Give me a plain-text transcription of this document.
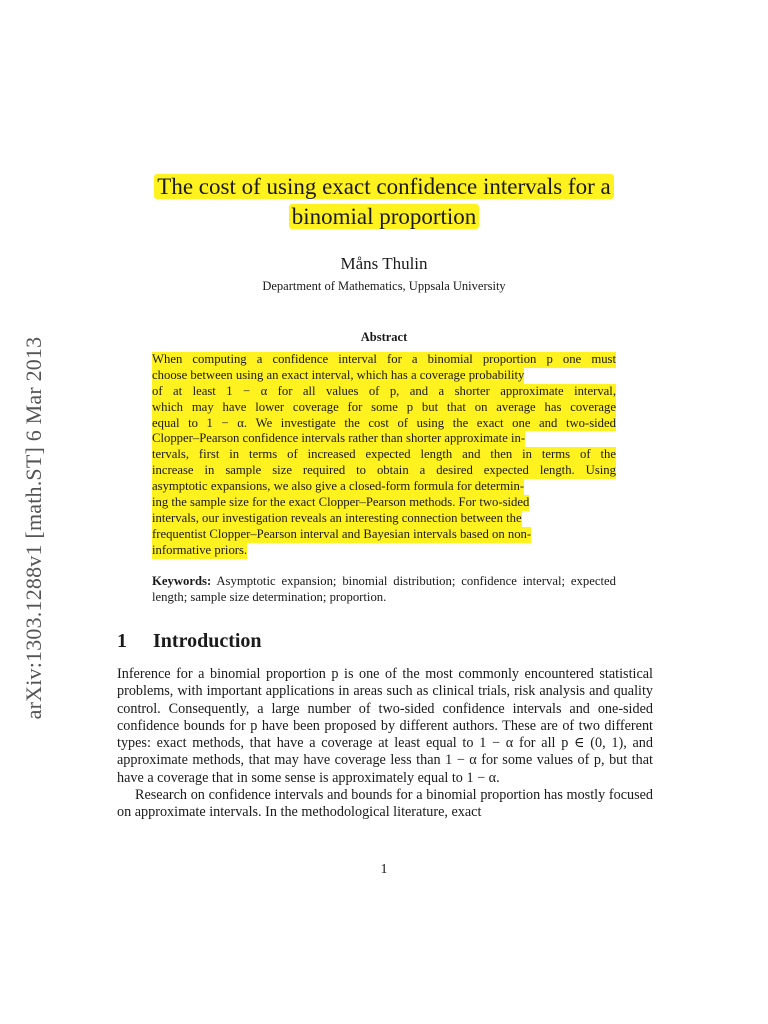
arXiv:1303.1288v1 [math.ST] 6 Mar 2013
The cost of using exact confidence intervals for a
binomial proportion
Måns Thulin
Department of Mathematics, Uppsala University
Abstract
When computing a confidence interval for a binomial proportion p one must
choose between using an exact interval, which has a coverage probability
of at least 1 − α for all values of p, and a shorter approximate interval,
which may have lower coverage for some p but that on average has coverage
equal to 1 − α. We investigate the cost of using the exact one and two-sided
Clopper–Pearson confidence intervals rather than shorter approximate in-
tervals, first in terms of increased expected length and then in terms of the
increase in sample size required to obtain a desired expected length. Using
asymptotic expansions, we also give a closed-form formula for determin-
ing the sample size for the exact Clopper–Pearson methods. For two-sided
intervals, our investigation reveals an interesting connection between the
frequentist Clopper–Pearson interval and Bayesian intervals based on non-
informative priors.
Keywords: Asymptotic expansion; binomial distribution; confidence interval; expected length; sample size determination; proportion.
1 Introduction

Inference for a binomial proportion p is one of the most commonly encountered statistical problems, with important applications in areas such as clinical trials, risk analysis and quality control. Consequently, a large number of two-sided confidence intervals and one-sided confidence bounds for p have been proposed by different authors. These are of two different types: exact methods, that have a coverage at least equal to 1 − α for all p ∈ (0, 1), and approximate methods, that may have coverage less than 1 − α for some values of p, but that have a coverage that in some sense is approximately equal to 1 − α.

Research on confidence intervals and bounds for a binomial proportion has mostly focused on approximate intervals. In the methodological literature, exact

1
